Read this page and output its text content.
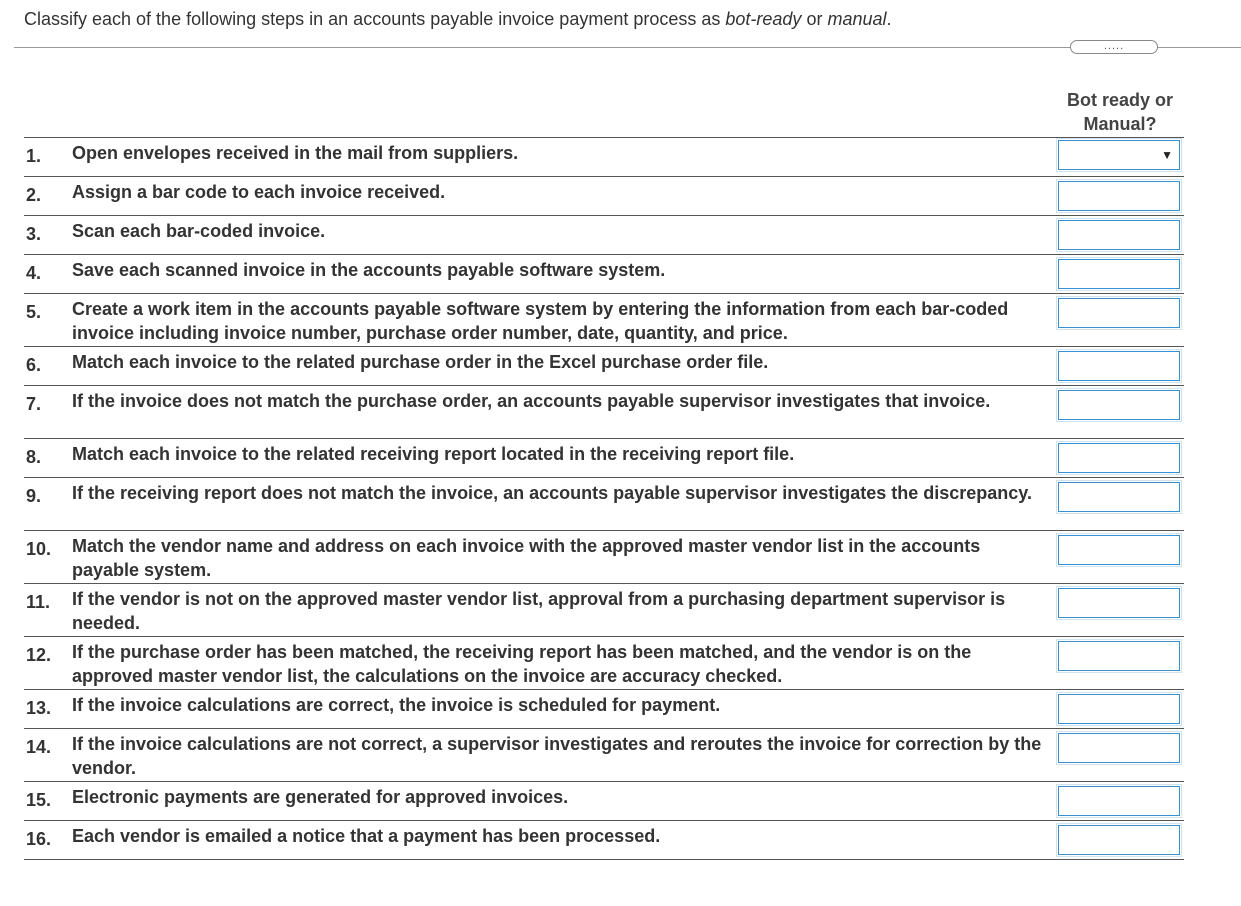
Classify each of the following steps in an accounts payable invoice payment process as bot-ready or manual.
.....
Bot ready or
Manual?
1. Open envelopes received in the mail from suppliers.	▼
2. Assign a bar code to each invoice received.
3. Scan each bar-coded invoice.
4. Save each scanned invoice in the accounts payable software system.
5. Create a work item in the accounts payable software system by entering the information from each bar-coded invoice including invoice number, purchase order number, date, quantity, and price.
6. Match each invoice to the related purchase order in the Excel purchase order file.
7. If the invoice does not match the purchase order, an accounts payable supervisor investigates that invoice.
8. Match each invoice to the related receiving report located in the receiving report file.
9. If the receiving report does not match the invoice, an accounts payable supervisor investigates the discrepancy.
10. Match the vendor name and address on each invoice with the approved master vendor list in the accounts payable system.
11. If the vendor is not on the approved master vendor list, approval from a purchasing department supervisor is needed.
12. If the purchase order has been matched, the receiving report has been matched, and the vendor is on the approved master vendor list, the calculations on the invoice are accuracy checked.
13. If the invoice calculations are correct, the invoice is scheduled for payment.
14. If the invoice calculations are not correct, a supervisor investigates and reroutes the invoice for correction by the vendor.
15. Electronic payments are generated for approved invoices.
16. Each vendor is emailed a notice that a payment has been processed.
